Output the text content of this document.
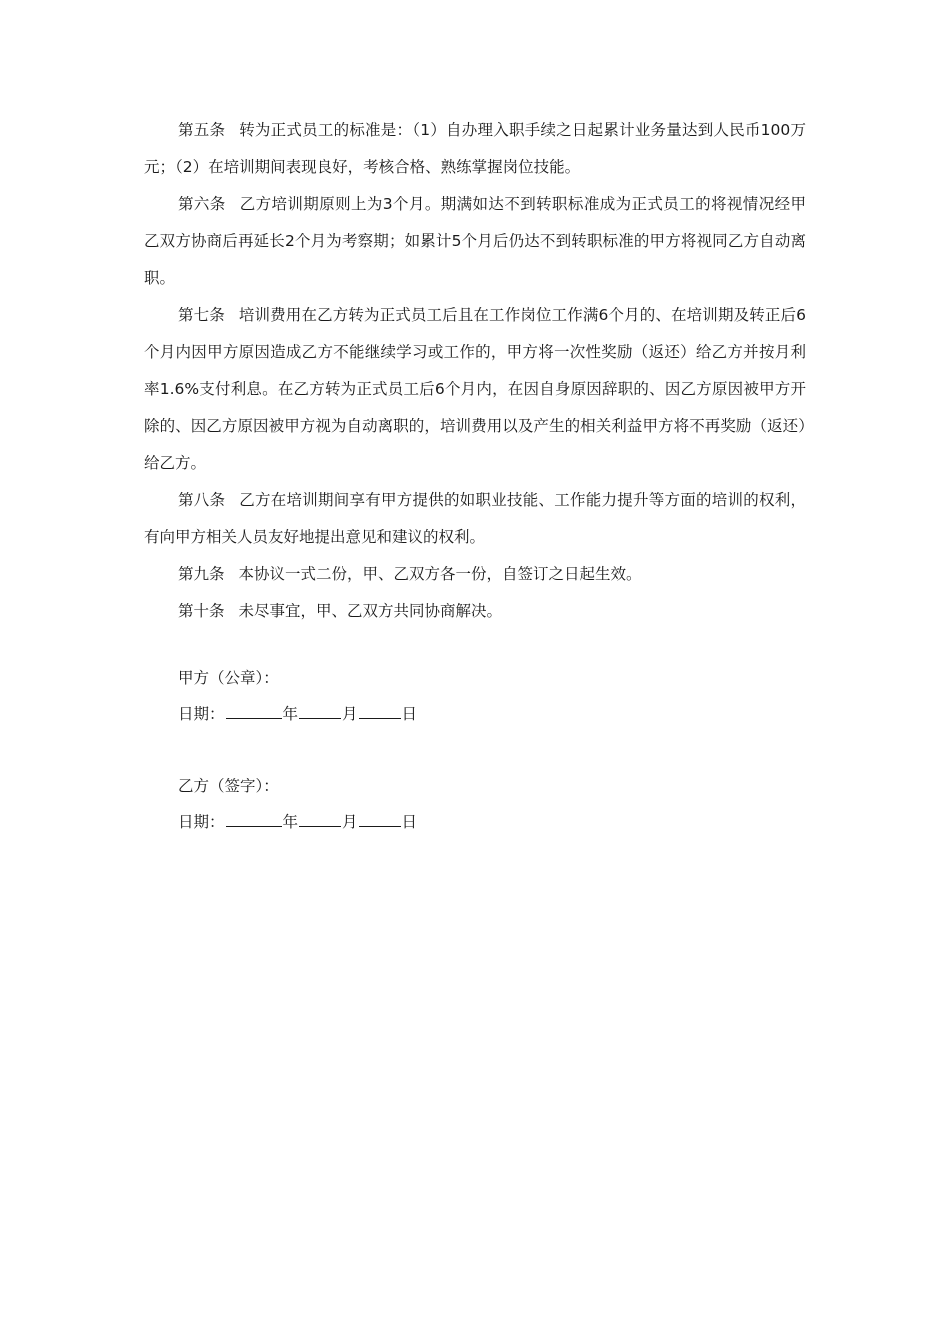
第五条 转为正式员工的标准是：（1）自办理入职手续之日起累计业务量达到人民币100万元；（2）在培训期间表现良好，考核合格、熟练掌握岗位技能。

第六条 乙方培训期原则上为3个月。期满如达不到转职标准成为正式员工的将视情况经甲乙双方协商后再延长2个月为考察期；如累计5个月后仍达不到转职标准的甲方将视同乙方自动离职。

第七条 培训费用在乙方转为正式员工后且在工作岗位工作满6个月的、在培训期及转正后6个月内因甲方原因造成乙方不能继续学习或工作的，甲方将一次性奖励（返还）给乙方并按月利率1.6%支付利息。在乙方转为正式员工后6个月内，在因自身原因辞职的、因乙方原因被甲方开除的、因乙方原因被甲方视为自动离职的，培训费用以及产生的相关利益甲方将不再奖励（返还）给乙方。

第八条 乙方在培训期间享有甲方提供的如职业技能、工作能力提升等方面的培训的权利，有向甲方相关人员友好地提出意见和建议的权利。

第九条 本协议一式二份，甲、乙双方各一份，自签订之日起生效。

第十条 未尽事宜，甲、乙双方共同协商解决。

甲方（公章）：
日期：	年	月	日
乙方（签字）：
日期：	年	月	日
